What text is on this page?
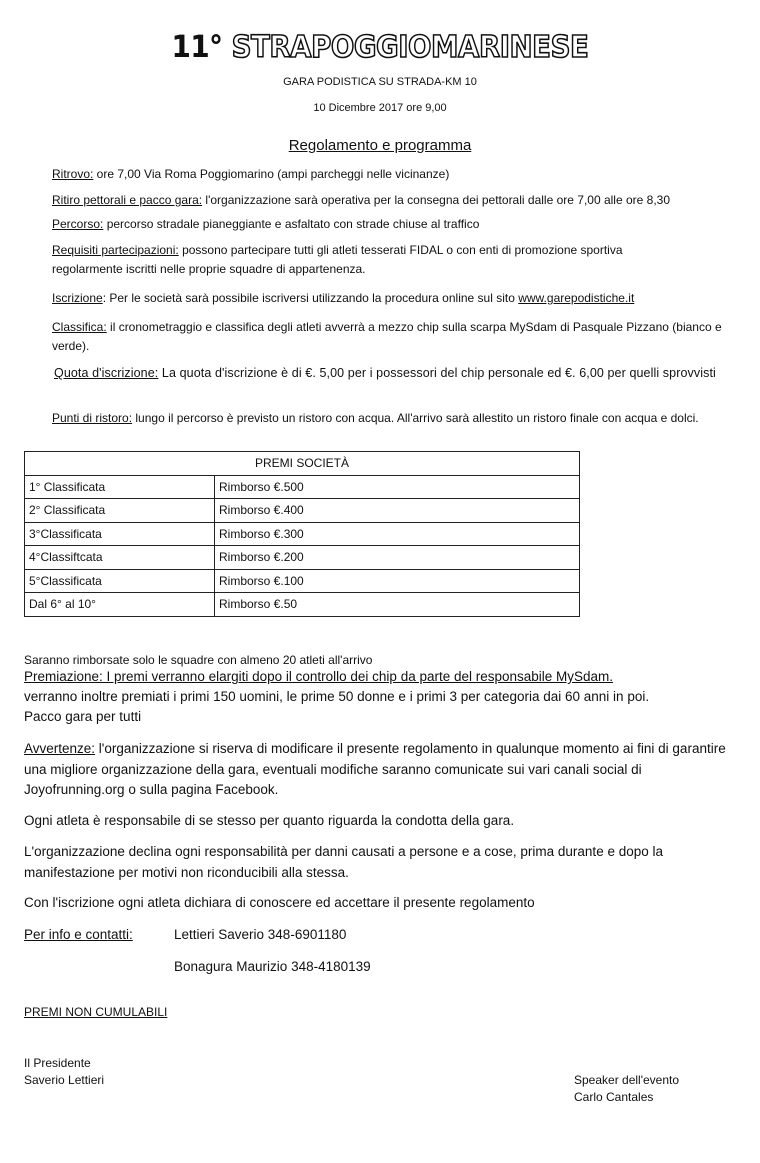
11° STRAPOGGIOMARINESE
GARA PODISTICA SU STRADA-KM 10
10 Dicembre 2017 ore 9,00
Regolamento e programma
Ritrovo: ore 7,00 Via Roma Poggiomarino (ampi parcheggi nelle vicinanze)
Ritiro pettorali e pacco gara: l'organizzazione sarà operativa per la consegna dei pettorali dalle ore 7,00 alle ore 8,30
Percorso: percorso stradale pianeggiante e asfaltato con strade chiuse al traffico
Requisiti partecipazioni: possono partecipare tutti gli atleti tesserati FIDAL o con enti di promozione sportiva regolarmente iscritti nelle proprie squadre di appartenenza.
Iscrizione: Per le società sarà possibile iscriversi utilizzando la procedura online sul sito www.garepodistiche.it
Classifica: il cronometraggio e classifica degli atleti avverrà a mezzo chip sulla scarpa MySdam di Pasquale Pizzano (bianco e verde).
Quota d'iscrizione: La quota d'iscrizione è di €. 5,00 per i possessori del chip personale ed €. 6,00 per quelli sprovvisti
Punti di ristoro: lungo il percorso è previsto un ristoro con acqua. All'arrivo sarà allestito un ristoro finale con acqua e dolci.
PREMI SOCIETÀ	
1° Classificata	Rimborso €.500
2° Classificata	Rimborso €.400
3°Classificata	Rimborso €.300
4°Classiftcata	Rimborso €.200
5°Classificata	Rimborso €.100
Dal 6° al 10°	Rimborso €.50
Saranno rimborsate solo le squadre con almeno 20 atleti all'arrivo
Premiazione: I premi verranno elargiti dopo il controllo dei chip da parte del responsabile MySdam.
verranno inoltre premiati i primi 150 uomini, le prime 50 donne e i primi 3 per categoria dai 60 anni in poi.
Pacco gara per tutti
Avvertenze: l'organizzazione si riserva di modificare il presente regolamento in qualunque momento ai fini di garantire una migliore organizzazione della gara, eventuali modifiche saranno comunicate sui vari canali social di Joyofrunning.org o sulla pagina Facebook.
Ogni atleta è responsabile di se stesso per quanto riguarda la condotta della gara.
L'organizzazione declina ogni responsabilità per danni causati a persone e a cose, prima durante e dopo la manifestazione per motivi non riconducibili alla stessa.
Con l'iscrizione ogni atleta dichiara di conoscere ed accettare il presente regolamento
Per info e contatti:	Lettieri Saverio 348-6901180
Bonagura Maurizio 348-4180139
PREMI NON CUMULABILI
Il Presidente
Saverio Lettieri	Speaker dell'evento
Carlo Cantales
